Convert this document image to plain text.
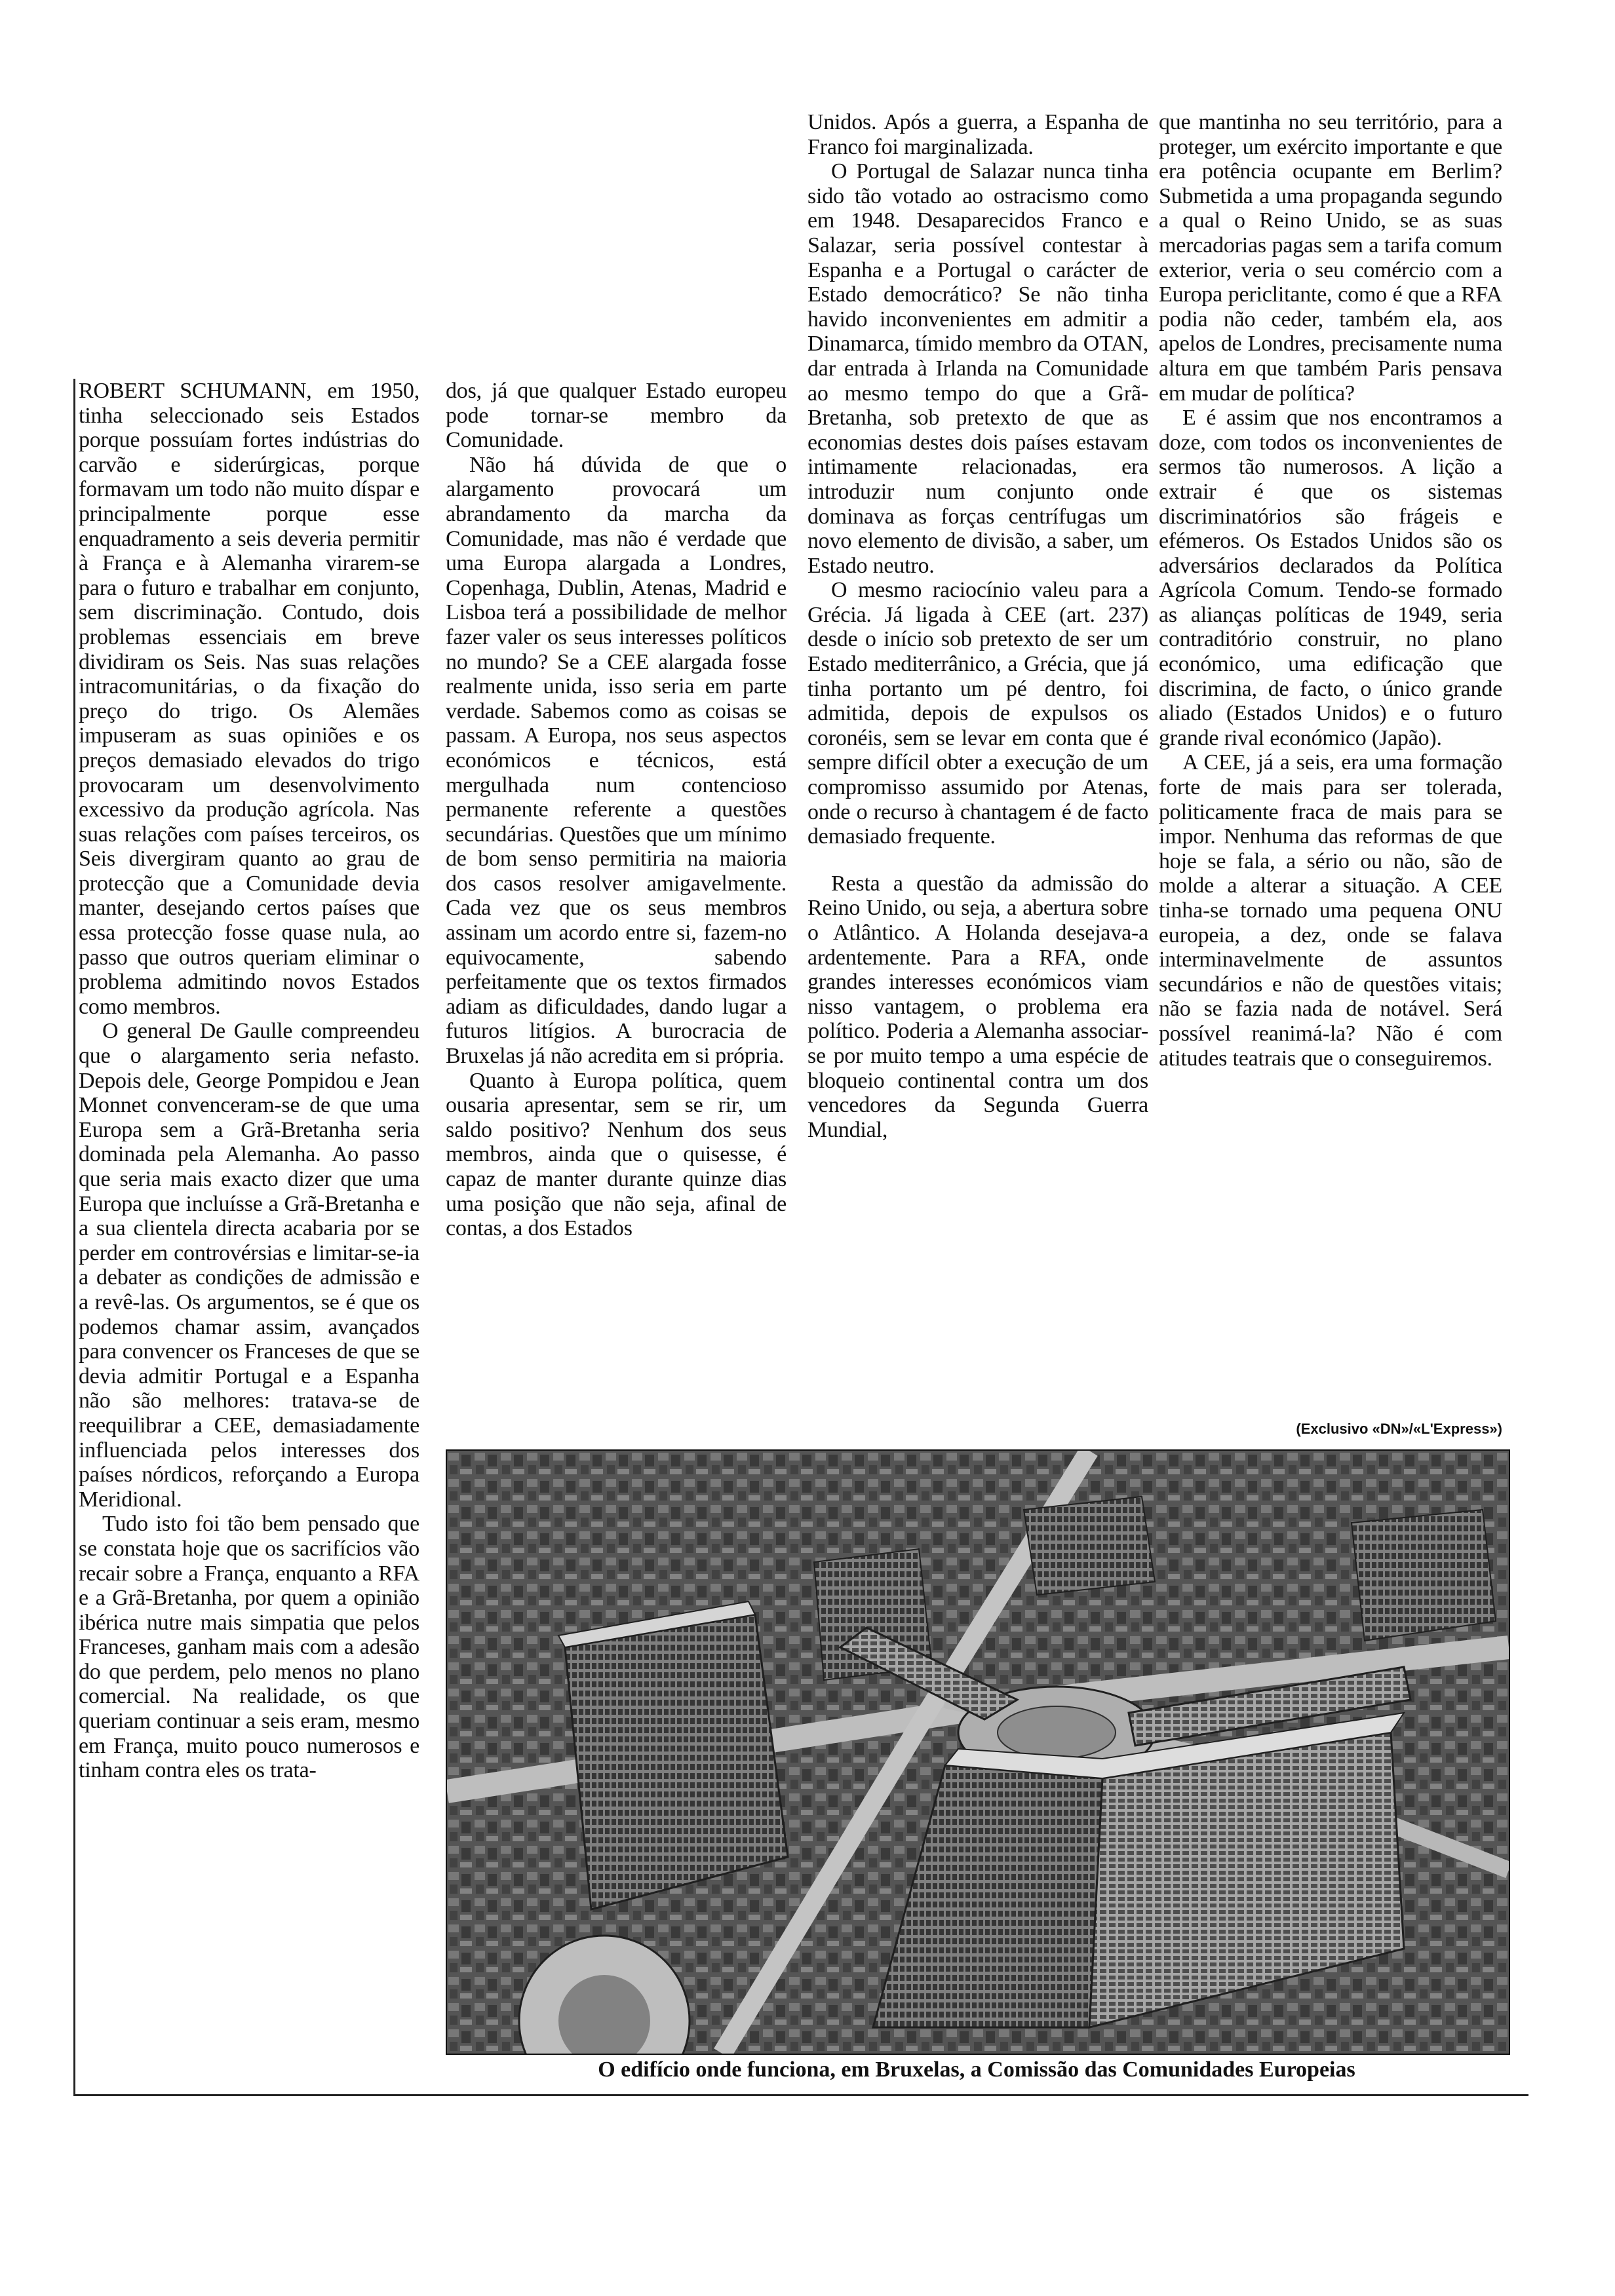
ROBERT SCHUMANN, em 1950, tinha seleccionado seis Estados porque possuíam fortes indústrias do carvão e siderúrgicas, porque formavam um todo não muito díspar e principalmente porque esse enquadramento a seis deveria permitir à França e à Alemanha virarem-se para o futuro e trabalhar em conjunto, sem discriminação. Contudo, dois problemas essenciais em breve dividiram os Seis. Nas suas relações intracomunitárias, o da fixação do preço do trigo. Os Alemães impuseram as suas opiniões e os preços demasiado elevados do trigo provocaram um desenvolvimento excessivo da produção agrícola. Nas suas relações com países terceiros, os Seis divergiram quanto ao grau de protecção que a Comunidade devia manter, desejando certos países que essa protecção fosse quase nula, ao passo que outros queriam eliminar o problema admitindo novos Estados como membros.

O general De Gaulle compreendeu que o alargamento seria nefasto. Depois dele, George Pompidou e Jean Monnet convenceram-se de que uma Europa sem a Grã-Bretanha seria dominada pela Alemanha. Ao passo que seria mais exacto dizer que uma Europa que incluísse a Grã-Bretanha e a sua clientela directa acabaria por se perder em controvérsias e limitar-se-ia a debater as condições de admissão e a revê-las. Os argumentos, se é que os podemos chamar assim, avançados para convencer os Franceses de que se devia admitir Portugal e a Espanha não são melhores: tratava-se de reequilibrar a CEE, demasiadamente influenciada pelos interesses dos países nórdicos, reforçando a Europa Meridional.

Tudo isto foi tão bem pensado que se constata hoje que os sacrifícios vão recair sobre a França, enquanto a RFA e a Grã-Bretanha, por quem a opinião ibérica nutre mais simpatia que pelos Franceses, ganham mais com a adesão do que perdem, pelo menos no plano comercial. Na realidade, os que queriam continuar a seis eram, mesmo em França, muito pouco numerosos e tinham contra eles os trata-

dos, já que qualquer Estado europeu pode tornar-se membro da Comunidade.

Não há dúvida de que o alargamento provocará um abrandamento da marcha da Comunidade, mas não é verdade que uma Europa alargada a Londres, Copenhaga, Dublin, Atenas, Madrid e Lisboa terá a possibilidade de melhor fazer valer os seus interesses políticos no mundo? Se a CEE alargada fosse realmente unida, isso seria em parte verdade. Sabemos como as coisas se passam. A Europa, nos seus aspectos económicos e técnicos, está mergulhada num contencioso permanente referente a questões secundárias. Questões que um mínimo de bom senso permitiria na maioria dos casos resolver amigavelmente. Cada vez que os seus membros assinam um acordo entre si, fazem-no equivocamente, sabendo perfeitamente que os textos firmados adiam as dificuldades, dando lugar a futuros litígios. A burocracia de Bruxelas já não acredita em si própria.

Quanto à Europa política, quem ousaria apresentar, sem se rir, um saldo positivo? Nenhum dos seus membros, ainda que o quisesse, é capaz de manter durante quinze dias uma posição que não seja, afinal de contas, a dos Estados

Unidos. Após a guerra, a Espanha de Franco foi marginalizada.

O Portugal de Salazar nunca tinha sido tão votado ao ostracismo como em 1948. Desaparecidos Franco e Salazar, seria possível contestar à Espanha e a Portugal o carácter de Estado democrático? Se não tinha havido inconvenientes em admitir a Dinamarca, tímido membro da OTAN, dar entrada à Irlanda na Comunidade ao mesmo tempo do que a Grã-Bretanha, sob pretexto de que as economias destes dois países estavam intimamente relacionadas, era introduzir num conjunto onde dominava as forças centrífugas um novo elemento de divisão, a saber, um Estado neutro.

O mesmo raciocínio valeu para a Grécia. Já ligada à CEE (art. 237) desde o início sob pretexto de ser um Estado mediterrânico, a Grécia, que já tinha portanto um pé dentro, foi admitida, depois de expulsos os coronéis, sem se levar em conta que é sempre difícil obter a execução de um compromisso assumido por Atenas, onde o recurso à chantagem é de facto demasiado frequente.

Resta a questão da admissão do Reino Unido, ou seja, a abertura sobre o Atlântico. A Holanda desejava-a ardentemente. Para a RFA, onde grandes interesses económicos viam nisso vantagem, o problema era político. Poderia a Alemanha associar-se por muito tempo a uma espécie de bloqueio continental contra um dos vencedores da Segunda Guerra Mundial,

que mantinha no seu território, para a proteger, um exército importante e que era potência ocupante em Berlim? Submetida a uma propaganda segundo a qual o Reino Unido, se as suas mercadorias pagas sem a tarifa comum exterior, veria o seu comércio com a Europa periclitante, como é que a RFA podia não ceder, também ela, aos apelos de Londres, precisamente numa altura em que também Paris pensava em mudar de política?

E é assim que nos encontramos a doze, com todos os inconvenientes de sermos tão numerosos. A lição a extrair é que os sistemas discriminatórios são frágeis e efémeros. Os Estados Unidos são os adversários declarados da Política Agrícola Comum. Tendo-se formado as alianças políticas de 1949, seria contraditório construir, no plano económico, uma edificação que discrimina, de facto, o único grande aliado (Estados Unidos) e o futuro grande rival económico (Japão).

A CEE, já a seis, era uma formação forte de mais para ser tolerada, politicamente fraca de mais para se impor. Nenhuma das reformas de que hoje se fala, a sério ou não, são de molde a alterar a situação. A CEE tinha-se tornado uma pequena ONU europeia, a dez, onde se falava interminavelmente de assuntos secundários e não de questões vitais; não se fazia nada de notável. Será possível reanimá-la? Não é com atitudes teatrais que o conseguiremos.

(Exclusivo «DN»/«L'Express»)
O edifício onde funciona, em Bruxelas, a Comissão das Comunidades Europeias
